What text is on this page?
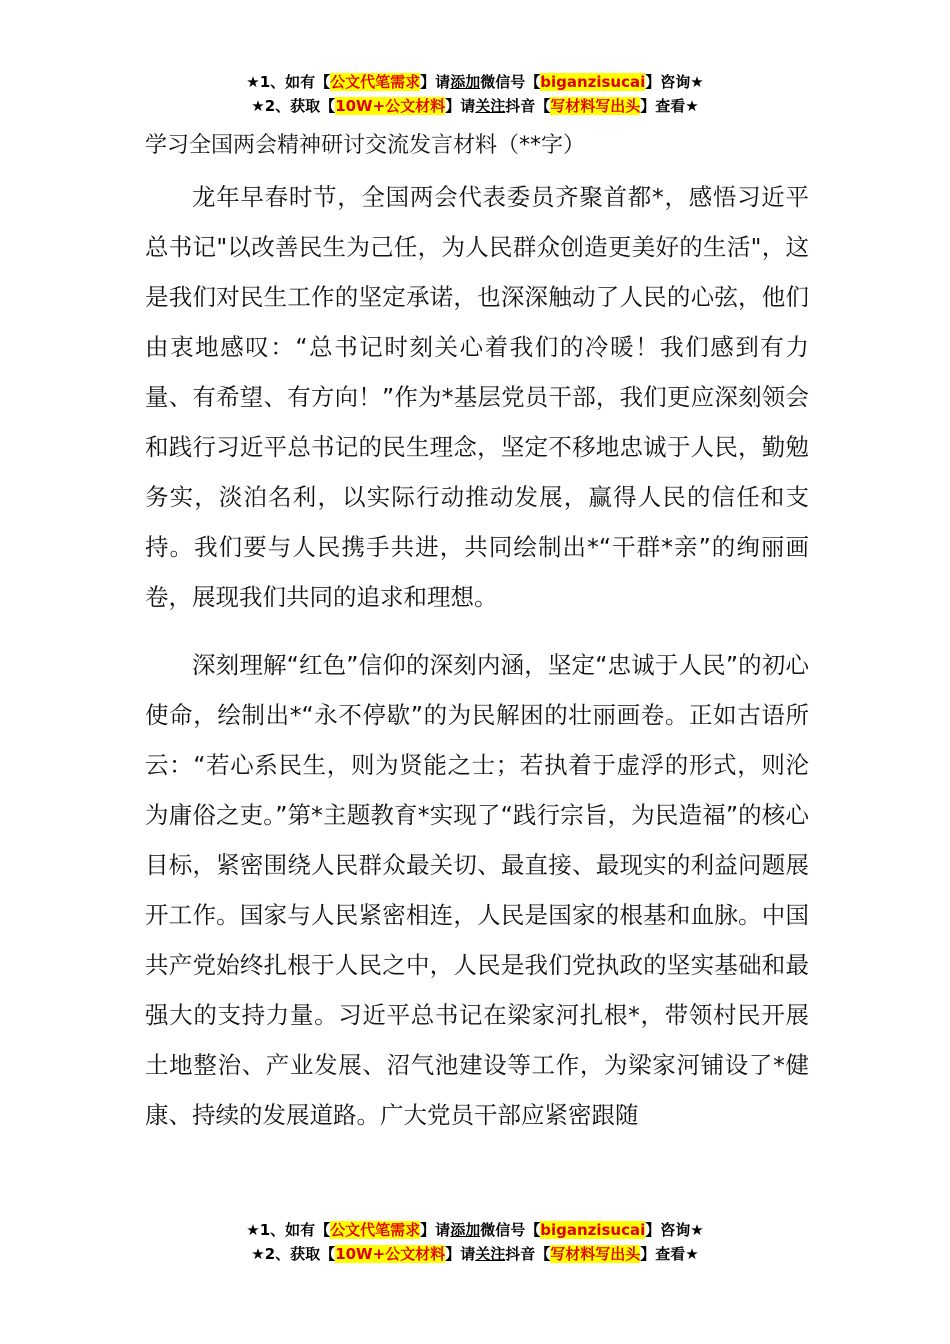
★1、如有【公文代笔需求】请添加微信号【biganzisucai】咨询★
★2、获取【10W+公文材料】请关注抖音【写材料写出头】查看★
学习全国两会精神研讨交流发言材料（**字）

龙年早春时节，全国两会代表委员齐聚首都*，感悟习近平总书记"以改善民生为己任，为人民群众创造更美好的生活"，这是我们对民生工作的坚定承诺，也深深触动了人民的心弦，他们由衷地感叹：“总书记时刻关心着我们的冷暖！我们感到有力量、有希望、有方向！”作为*基层党员干部，我们更应深刻领会和践行习近平总书记的民生理念，坚定不移地忠诚于人民，勤勉务实，淡泊名利，以实际行动推动发展，赢得人民的信任和支持。我们要与人民携手共进，共同绘制出*“干群*亲”的绚丽画卷，展现我们共同的追求和理想。

深刻理解“红色”信仰的深刻内涵，坚定“忠诚于人民”的初心使命，绘制出*“永不停歇”的为民解困的壮丽画卷。正如古语所云：“若心系民生，则为贤能之士；若执着于虚浮的形式，则沦为庸俗之吏。”第*主题教育*实现了“践行宗旨，为民造福”的核心目标，紧密围绕人民群众最关切、最直接、最现实的利益问题展开工作。国家与人民紧密相连，人民是国家的根基和血脉。中国共产党始终扎根于人民之中，人民是我们党执政的坚实基础和最强大的支持力量。习近平总书记在梁家河扎根*，带领村民开展土地整治、产业发展、沼气池建设等工作，为梁家河铺设了*健康、持续的发展道路。广大党员干部应紧密跟随

★1、如有【公文代笔需求】请添加微信号【biganzisucai】咨询★
★2、获取【10W+公文材料】请关注抖音【写材料写出头】查看★
